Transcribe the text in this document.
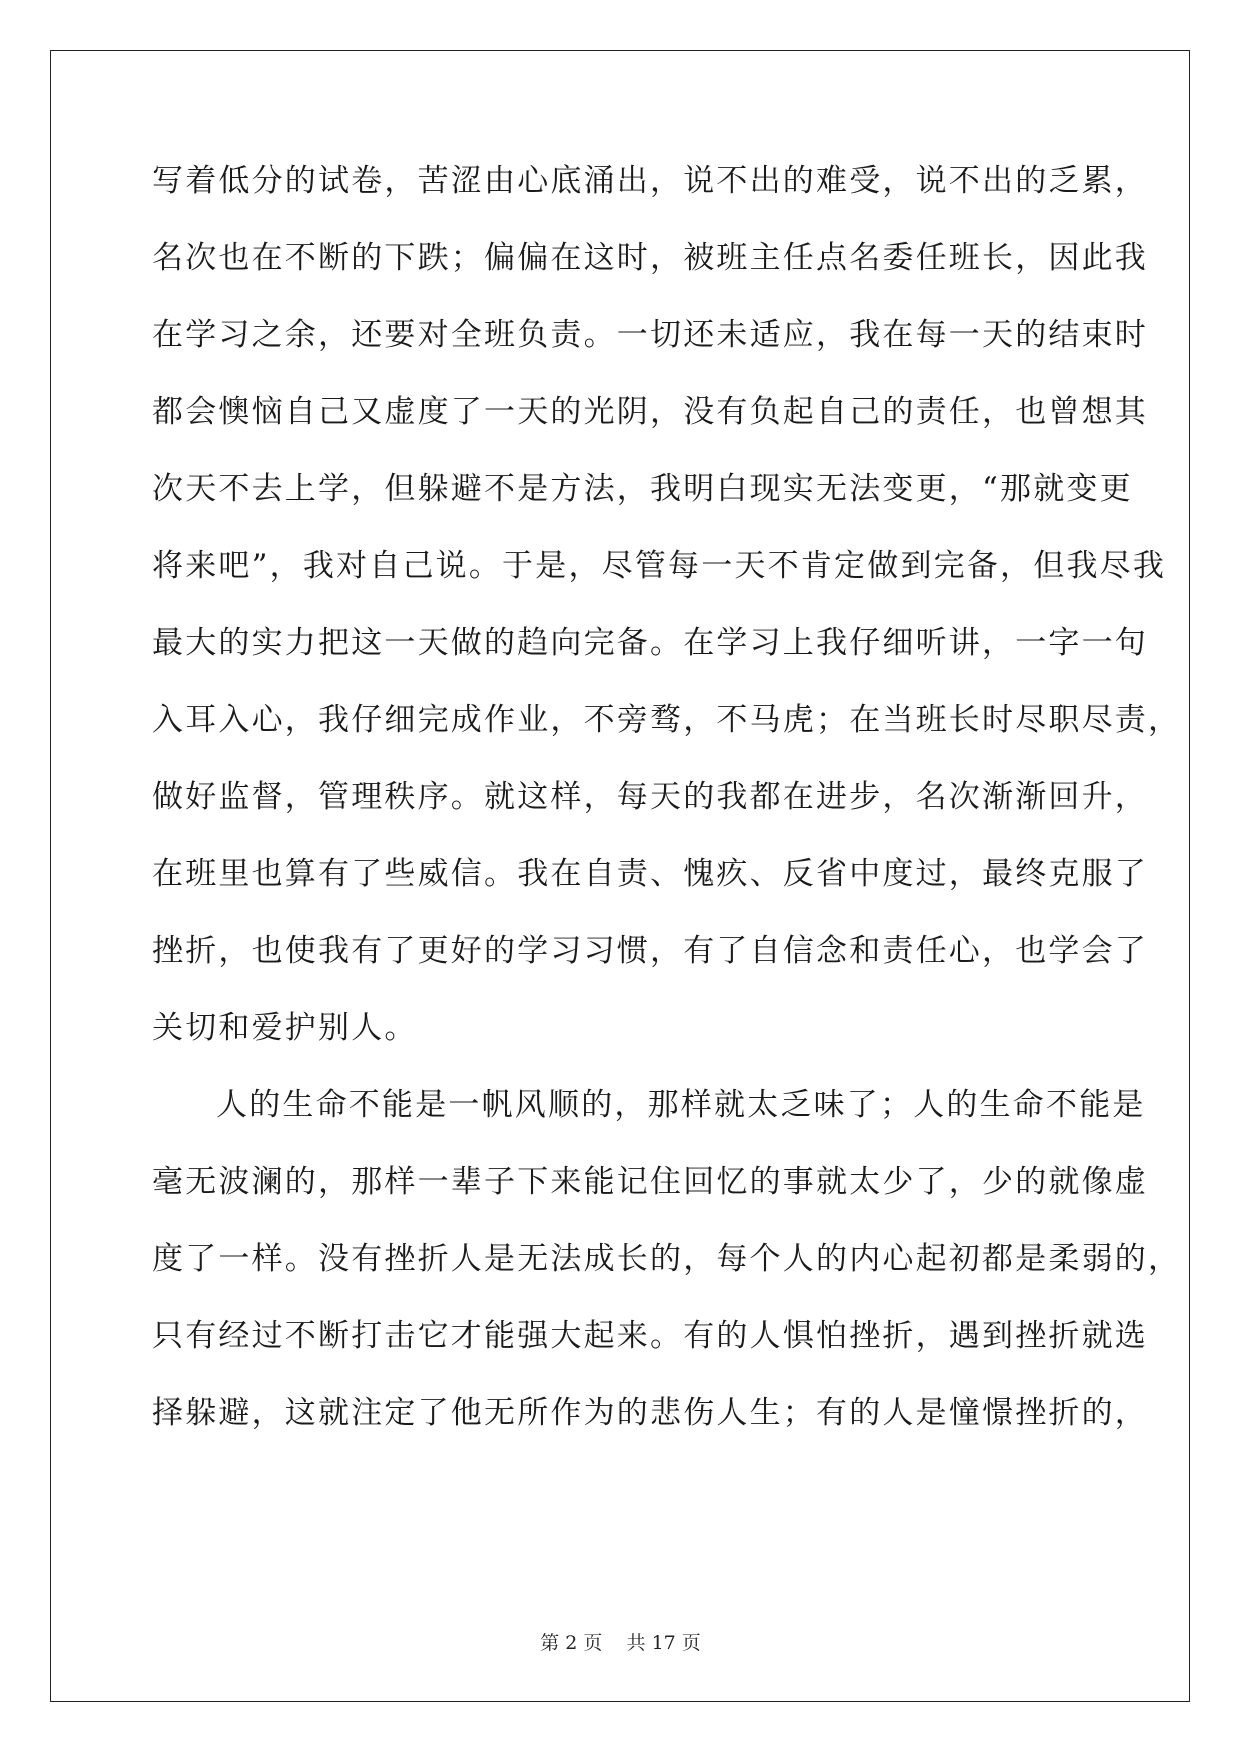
写着低分的试卷，苦涩由心底涌出，说不出的难受，说不出的乏累，
名次也在不断的下跌；偏偏在这时，被班主任点名委任班长，因此我
在学习之余，还要对全班负责。一切还未适应，我在每一天的结束时
都会懊恼自己又虚度了一天的光阴，没有负起自己的责任，也曾想其
次天不去上学，但躲避不是方法，我明白现实无法变更，“那就变更
将来吧”，我对自己说。于是，尽管每一天不肯定做到完备，但我尽我
最大的实力把这一天做的趋向完备。在学习上我仔细听讲，一字一句
入耳入心，我仔细完成作业，不旁骛，不马虎；在当班长时尽职尽责，
做好监督，管理秩序。就这样，每天的我都在进步，名次渐渐回升，
在班里也算有了些威信。我在自责、愧疚、反省中度过，最终克服了
挫折，也使我有了更好的学习习惯，有了自信念和责任心，也学会了
关切和爱护别人。
人的生命不能是一帆风顺的，那样就太乏味了；人的生命不能是
毫无波澜的，那样一辈子下来能记住回忆的事就太少了，少的就像虚
度了一样。没有挫折人是无法成长的，每个人的内心起初都是柔弱的，
只有经过不断打击它才能强大起来。有的人惧怕挫折，遇到挫折就选
择躲避，这就注定了他无所作为的悲伤人生；有的人是憧憬挫折的，
第 2 页    共 17 页
